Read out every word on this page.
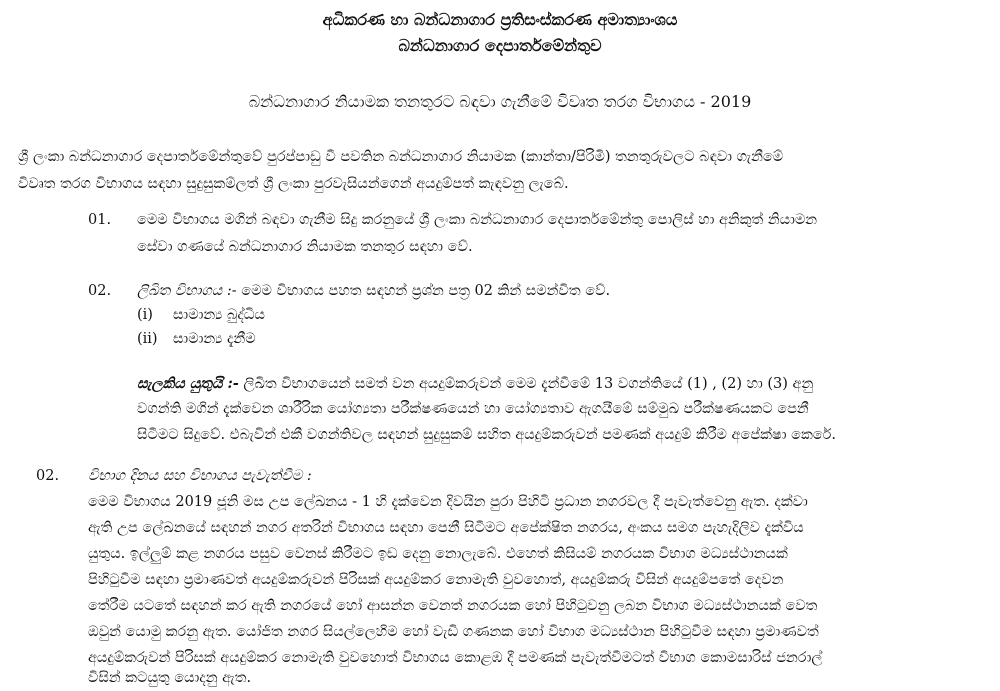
අධිකරණ හා බන්ධනාගාර ප්‍රතිසංස්කරණ අමාත්‍යාංශය
බන්ධනාගාර දෙපාර්තමේන්තුව
බන්ධනාගාර නියාමක තනතුරට බඳවා ගැනීමේ විවෘත තරග විභාගය - 2019
ශ්‍රී ලංකා බන්ධනාගාර දෙපාර්තමේන්තුවේ පුරප්පාඩු වී පවතින බන්ධනාගාර නියාමක (කාන්තා/පිරිමි) තනතුරුවලට බඳවා ගැනීමේ
විවෘත තරග විභාගය සඳහා සුදුසුකම්ලත් ශ්‍රී ලංකා පුරවැසියන්ගෙන් අයදුම්පත් කැඳවනු ලැබේ.
01. මෙම විභාගය මගින් බඳවා ගැනීම සිදු කරනුයේ ශ්‍රී ලංකා බන්ධනාගාර දෙපාර්තමේන්තු පොලිස් හා අනිකුත් නියාමන
සේවා ගණයේ බන්ධනාගාර නියාමක තනතුර සඳහා වේ.
02. ලිඛිත විභාගය :- මෙම විභාගය පහත සඳහන් ප්‍රශ්න පත්‍ර 02 කින් සමන්විත වේ.
(i) සාමාන්‍ය බුද්ධිය
(ii) සාමාන්‍ය දැනීම
සැලකිය යුතුයි :- ලිඛිත විභාගයෙන් සමත් වන අයදුම්කරුවන් මෙම දැන්වීමේ 13 වගන්තියේ (1) , (2) හා (3) අනු
වගන්ති මගින් දැක්වෙන ශාරීරික යෝග්‍යතා පරීක්ෂණයෙන් හා යෝග්‍යතාව ඇගයීමේ සම්මුඛ පරීක්ෂණයකට පෙනී
සිටීමට සිදුවේ. එබැවින් එකී වගන්තිවල සඳහන් සුදුසුකම් සහිත අයදුම්කරුවන් පමණක් අයදුම් කිරීම අපේක්ෂා කෙරේ.
02. විභාග දිනය සහ විභාගය පැවැත්වීම :
මෙම විභාගය 2019 ජූනි මස උප ලේඛනය - 1 හි දැක්වෙන දිවයින පුරා පිහිටි ප්‍රධාන නගරවල දී පැවැත්වෙනු ඇත. දක්වා
ඇති උප ලේඛනයේ සඳහන් නගර අතරින් විභාගය සඳහා පෙනී සිටීමට අපේක්ෂිත නගරය, අංකය සමග පැහැදිලිව දැක්විය
යුතුය. ඉල්ලුම් කළ නගරය පසුව වෙනස් කිරීමට ඉඩ දෙනු නොලැබේ. එහෙත් කිසියම් නගරයක විභාග මධ්‍යස්ථානයක්
පිහිටුවීම සඳහා ප්‍රමාණවත් අයදුම්කරුවන් පිරිසක් අයදුම්කර නොමැති වුවහොත්, අයදුම්කරු විසින් අයදුම්පතේ දෙවන
තේරීම යටතේ සඳහන් කර ඇති නගරයේ හෝ ආසන්න වෙනත් නගරයක හෝ පිහිටුවනු ලබන විභාග මධ්‍යස්ථානයක් වෙත
ඔවුන් යොමු කරනු ඇත. යෝජිත නගර සියල්ලෙහිම හෝ වැඩි ගණනක හෝ විභාග මධ්‍යස්ථාන පිහිටුවීම සඳහා ප්‍රමාණවත්
අයදුම්කරුවන් පිරිසක් අයදුම්කර නොමැති වුවහොත් විභාගය කොළඹ දී පමණක් පැවැත්වීමටත් විභාග කොමසාරිස් ජනරාල්
විසින් කටයුතු යොදනු ඇත.
